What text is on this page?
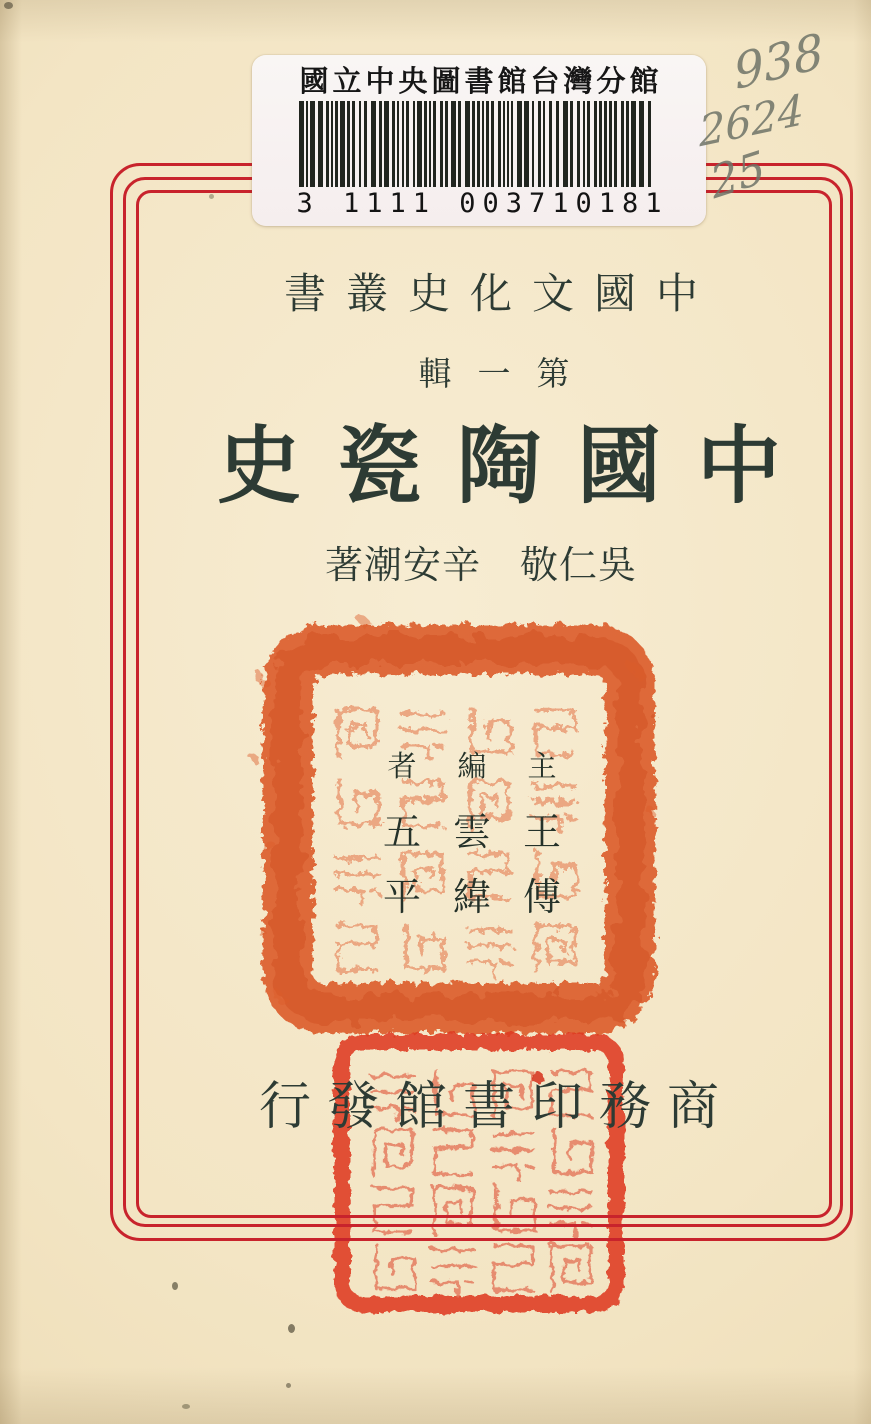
國立中央圖書館台灣分館
3 1111 003710181
938
2624
25
書叢史化文國中
輯一第
史瓷陶國中
著潮安辛　敬仁吳
者
五
平
編
雲
緯
主
王
傅
行發館書印務商
